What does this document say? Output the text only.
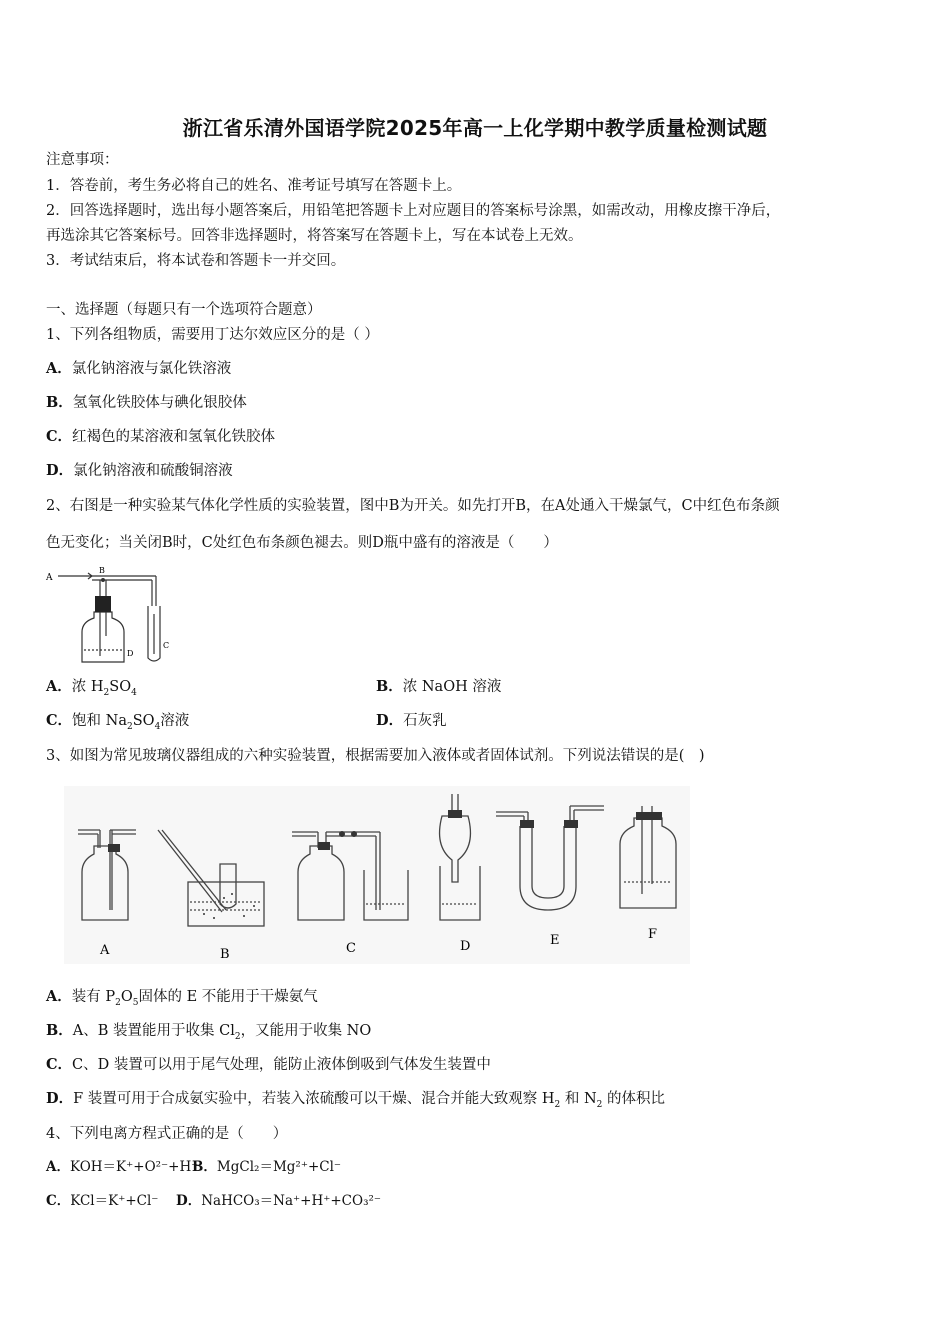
浙江省乐清外国语学院2025年高一上化学期中教学质量检测试题
注意事项：
1．答卷前，考生务必将自己的姓名、准考证号填写在答题卡上。
2．回答选择题时，选出每小题答案后，用铅笔把答题卡上对应题目的答案标号涂黑，如需改动，用橡皮擦干净后，
再选涂其它答案标号。回答非选择题时，将答案写在答题卡上，写在本试卷上无效。
3．考试结束后，将本试卷和答题卡一并交回。
一、选择题（每题只有一个选项符合题意）
1、下列各组物质，需要用丁达尔效应区分的是（ ）
A．氯化钠溶液与氯化铁溶液
B．氢氧化铁胶体与碘化银胶体
C．红褐色的某溶液和氢氧化铁胶体
D．氯化钠溶液和硫酸铜溶液
2、右图是一种实验某气体化学性质的实验装置，图中B为开关。如先打开B，在A处通入干燥氯气，C中红色布条颜
色无变化；当关闭B时，C处红色布条颜色褪去。则D瓶中盛有的溶液是（　　）
A
B
D
C
A．浓 $H_2SO_4$	B．浓 NaOH 溶液
C．饱和 $Na_2SO_4$溶液	D．石灰乳
3、如图为常见玻璃仪器组成的六种实验装置，根据需要加入液体或者固体试剂。下列说法错误的是(　)
A	B	C	D	E	F
A．装有 $P_2O_5$固体的 E 不能用于干燥氨气
B．A、B 装置能用于收集 $Cl_2$，又能用于收集 NO
C．C、D 装置可以用于尾气处理，能防止液体倒吸到气体发生装置中
D．F 装置可用于合成氨实验中，若装入浓硫酸可以干燥、混合并能大致观察 $H_2$ 和 $N_2$ 的体积比
4、下列电离方程式正确的是（　　）
A．KOH＝K⁺+O²⁻+H⁺
B．MgCl₂＝Mg²⁺+Cl⁻
C．KCl＝K⁺+Cl⁻ D．NaHCO₃＝Na⁺+H⁺+CO₃²⁻
